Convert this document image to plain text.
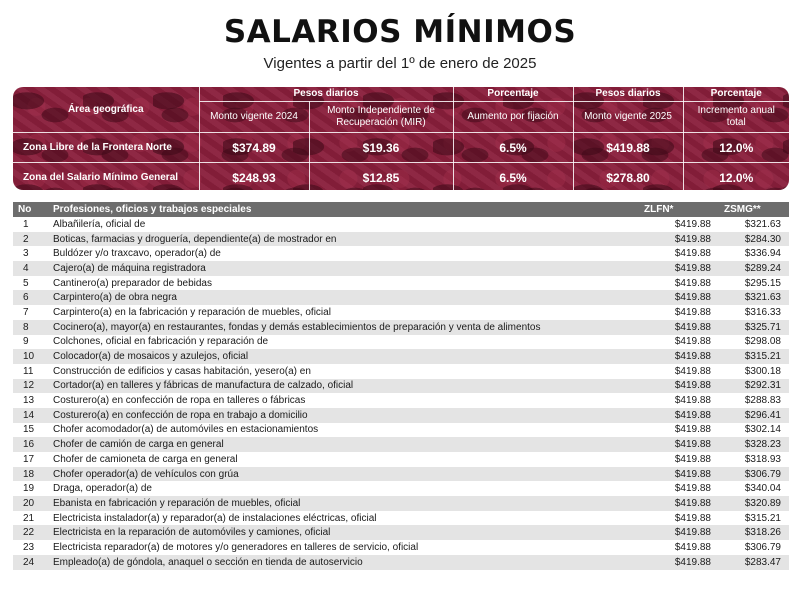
SALARIOS MÍNIMOS
Vigentes a partir del 1º de enero de 2025
Área geográfica	Pesos diarios		Porcentaje	Pesos diarios	Porcentaje
	Monto vigente 2024	Monto Independiente de Recuperación (MIR)	Aumento por fijación	Monto vigente 2025	Incremento anual total
Zona Libre de la Frontera Norte	$374.89	$19.36	6.5%	$419.88	12.0%
Zona del Salario Mínimo General	$248.93	$12.85	6.5%	$278.80	12.0%
No	Profesiones, oficios y trabajos especiales	ZLFN*	ZSMG**
1	Albañilería, oficial de	$419.88	$321.63
2	Boticas, farmacias y droguería, dependiente(a) de mostrador en	$419.88	$284.30
3	Buldózer y/o traxcavo, operador(a) de	$419.88	$336.94
4	Cajero(a) de máquina registradora	$419.88	$289.24
5	Cantinero(a) preparador de bebidas	$419.88	$295.15
6	Carpintero(a) de obra negra	$419.88	$321.63
7	Carpintero(a) en la fabricación y reparación de muebles, oficial	$419.88	$316.33
8	Cocinero(a), mayor(a) en restaurantes, fondas y demás establecimientos de preparación y venta de alimentos	$419.88	$325.71
9	Colchones, oficial en fabricación y reparación de	$419.88	$298.08
10	Colocador(a) de mosaicos y azulejos, oficial	$419.88	$315.21
11	Construcción de edificios y casas habitación, yesero(a) en	$419.88	$300.18
12	Cortador(a) en talleres y fábricas de manufactura de calzado, oficial	$419.88	$292.31
13	Costurero(a) en confección de ropa en talleres o fábricas	$419.88	$288.83
14	Costurero(a) en confección de ropa en trabajo a domicilio	$419.88	$296.41
15	Chofer acomodador(a) de automóviles en estacionamientos	$419.88	$302.14
16	Chofer de camión de carga en general	$419.88	$328.23
17	Chofer de camioneta de carga en general	$419.88	$318.93
18	Chofer operador(a) de vehículos con grúa	$419.88	$306.79
19	Draga, operador(a) de	$419.88	$340.04
20	Ebanista en fabricación y reparación de muebles, oficial	$419.88	$320.89
21	Electricista instalador(a) y reparador(a) de instalaciones eléctricas, oficial	$419.88	$315.21
22	Electricista en la reparación de automóviles y camiones, oficial	$419.88	$318.26
23	Electricista reparador(a) de motores y/o generadores en talleres de servicio, oficial	$419.88	$306.79
24	Empleado(a) de góndola, anaquel o sección en tienda de autoservicio	$419.88	$283.47
